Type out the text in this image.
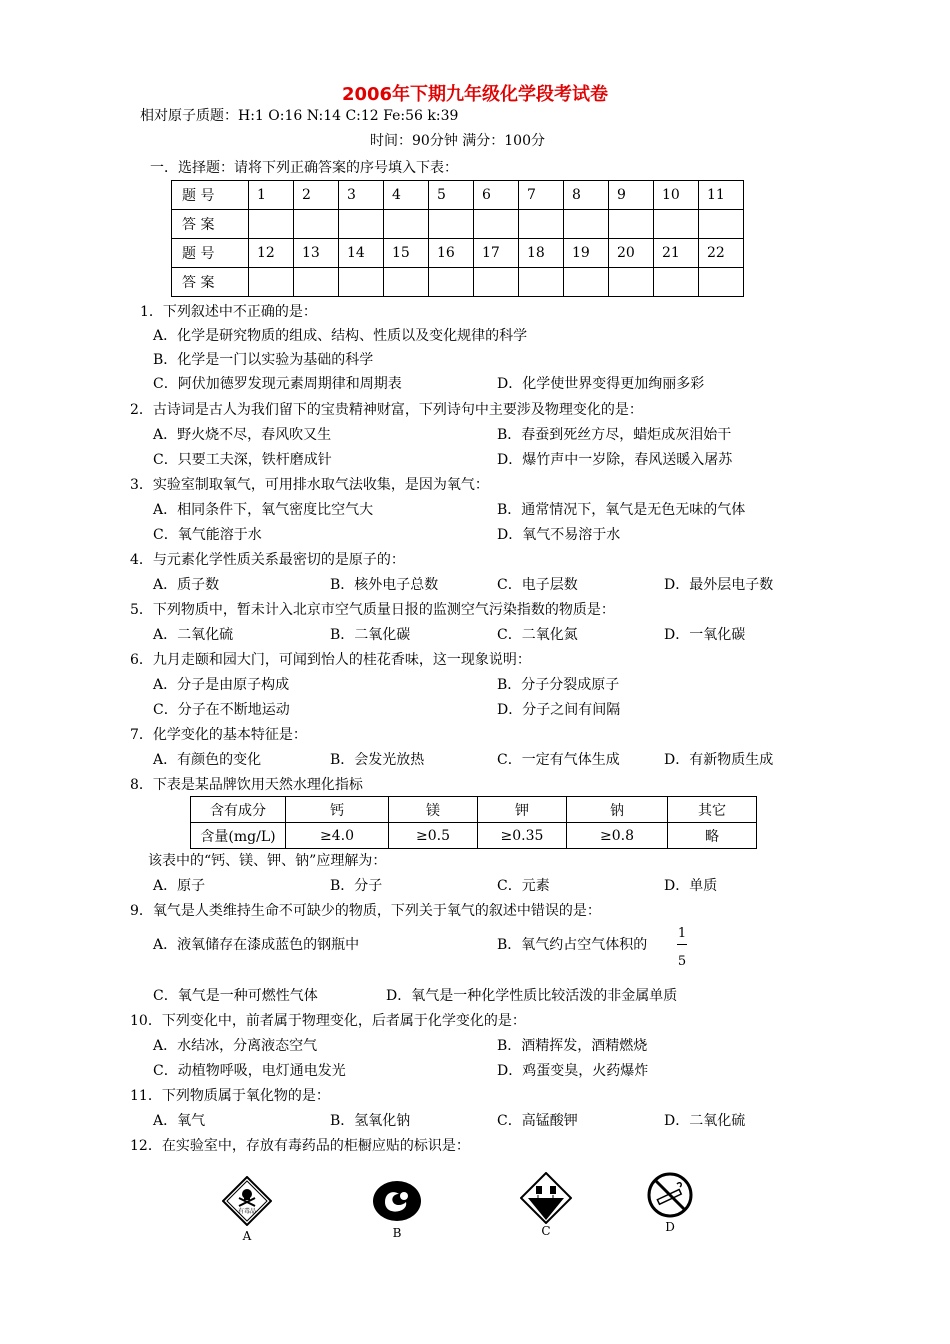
2006年下期九年级化学段考试卷
相对原子质题：H:1 O:16 N:14 C:12 Fe:56 k:39
时间：90分钟 满分：100分
一．选择题：请将下列正确答案的序号填入下表：
题 号	1	2	3	4	5	6	7	8	9	10	11
答 案											
题 号	12	13	14	15	16	17	18	19	20	21	22
答 案											
1．下列叙述中不正确的是：
A．化学是研究物质的组成、结构、性质以及变化规律的科学
B．化学是一门以实验为基础的科学
C．阿伏加德罗发现元素周期律和周期表	D．化学使世界变得更加绚丽多彩
2．古诗词是古人为我们留下的宝贵精神财富，下列诗句中主要涉及物理变化的是：
A．野火烧不尽，春风吹又生	B．春蚕到死丝方尽，蜡炬成灰泪始干
C．只要工夫深，铁杆磨成针	D．爆竹声中一岁除，春风送暖入屠苏
3．实验室制取氧气，可用排水取气法收集，是因为氧气：
A．相同条件下，氧气密度比空气大	B．通常情况下，氧气是无色无味的气体
C．氧气能溶于水	D．氧气不易溶于水
4．与元素化学性质关系最密切的是原子的：
A．质子数	B．核外电子总数	C．电子层数	D．最外层电子数
5．下列物质中，暂未计入北京市空气质量日报的监测空气污染指数的物质是：
A．二氧化硫	B．二氧化碳	C．二氧化氮	D．一氧化碳
6．九月走颐和园大门，可闻到怡人的桂花香味，这一现象说明：
A．分子是由原子构成	B．分子分裂成原子
C．分子在不断地运动	D．分子之间有间隔
7．化学变化的基本特征是：
A．有颜色的变化	B．会发光放热	C．一定有气体生成	D．有新物质生成
8．下表是某品牌饮用天然水理化指标
含有成分	钙	镁	钾	钠	其它
含量(mg/L)	≥4.0	≥0.5	≥0.35	≥0.8	略
该表中的“钙、镁、钾、钠”应理解为：
A．原子	B．分子	C．元素	D．单质
9．氧气是人类维持生命不可缺少的物质，下列关于氧气的叙述中错误的是：
A．液氧储存在漆成蓝色的钢瓶中	B．氧气约占空气体积的
1
5
C．氧气是一种可燃性气体	D．氧气是一种化学性质比较活泼的非金属单质
10．下列变化中，前者属于物理变化，后者属于化学变化的是：
A．水结冰，分离液态空气	B．酒精挥发，酒精燃烧
C．动植物呼吸，电灯通电发光	D．鸡蛋变臭，火药爆炸
11．下列物质属于氧化物的是：
A．氧气	B．氢氧化钠	C．高锰酸钾	D．二氧化硫
12．在实验室中，存放有毒药品的柜橱应贴的标识是：
有毒品
A	B	C	D
